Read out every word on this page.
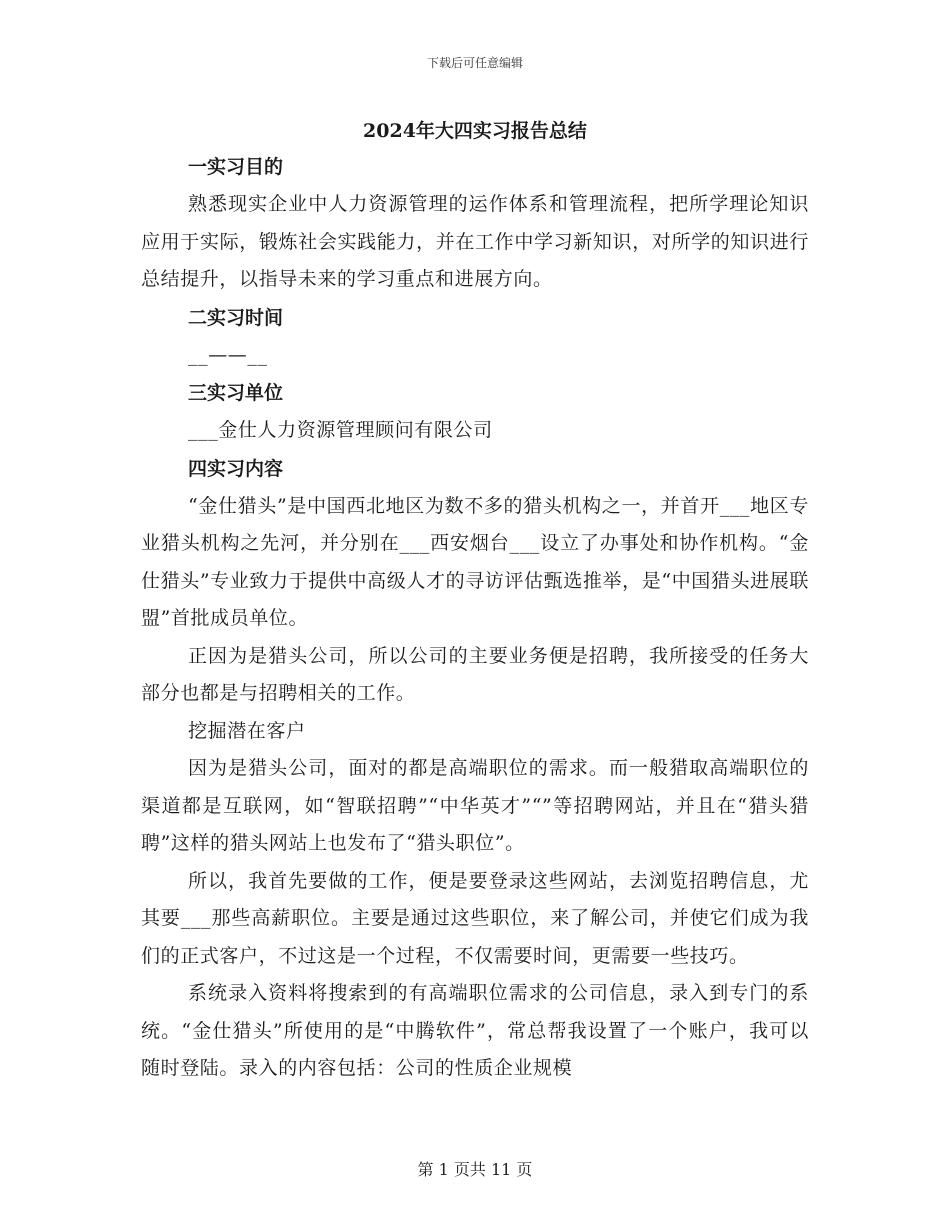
下载后可任意编辑
2024年大四实习报告总结
一实习目的

熟悉现实企业中人力资源管理的运作体系和管理流程，把所学理论知识应用于实际，锻炼社会实践能力，并在工作中学习新知识，对所学的知识进行总结提升，以指导未来的学习重点和进展方向。

二实习时间
__——__
三实习单位
___金仕人力资源管理顾问有限公司
四实习内容

“金仕猎头”是中国西北地区为数不多的猎头机构之一，并首开___地区专业猎头机构之先河，并分别在___西安烟台___设立了办事处和协作机构。“金仕猎头”专业致力于提供中高级人才的寻访评估甄选推举，是“中国猎头进展联盟”首批成员单位。

正因为是猎头公司，所以公司的主要业务便是招聘，我所接受的任务大部分也都是与招聘相关的工作。

挖掘潜在客户

因为是猎头公司，面对的都是高端职位的需求。而一般猎取高端职位的渠道都是互联网，如“智联招聘”“中华英才”“”等招聘网站，并且在“猎头猎聘”这样的猎头网站上也发布了“猎头职位”。

所以，我首先要做的工作，便是要登录这些网站，去浏览招聘信息，尤其要___那些高薪职位。主要是通过这些职位，来了解公司，并使它们成为我们的正式客户，不过这是一个过程，不仅需要时间，更需要一些技巧。

系统录入资料将搜索到的有高端职位需求的公司信息，录入到专门的系统。“金仕猎头”所使用的是“中腾软件”，常总帮我设置了一个账户，我可以随时登陆。录入的内容包括：公司的性质企业规模

第 1 页共 11 页
